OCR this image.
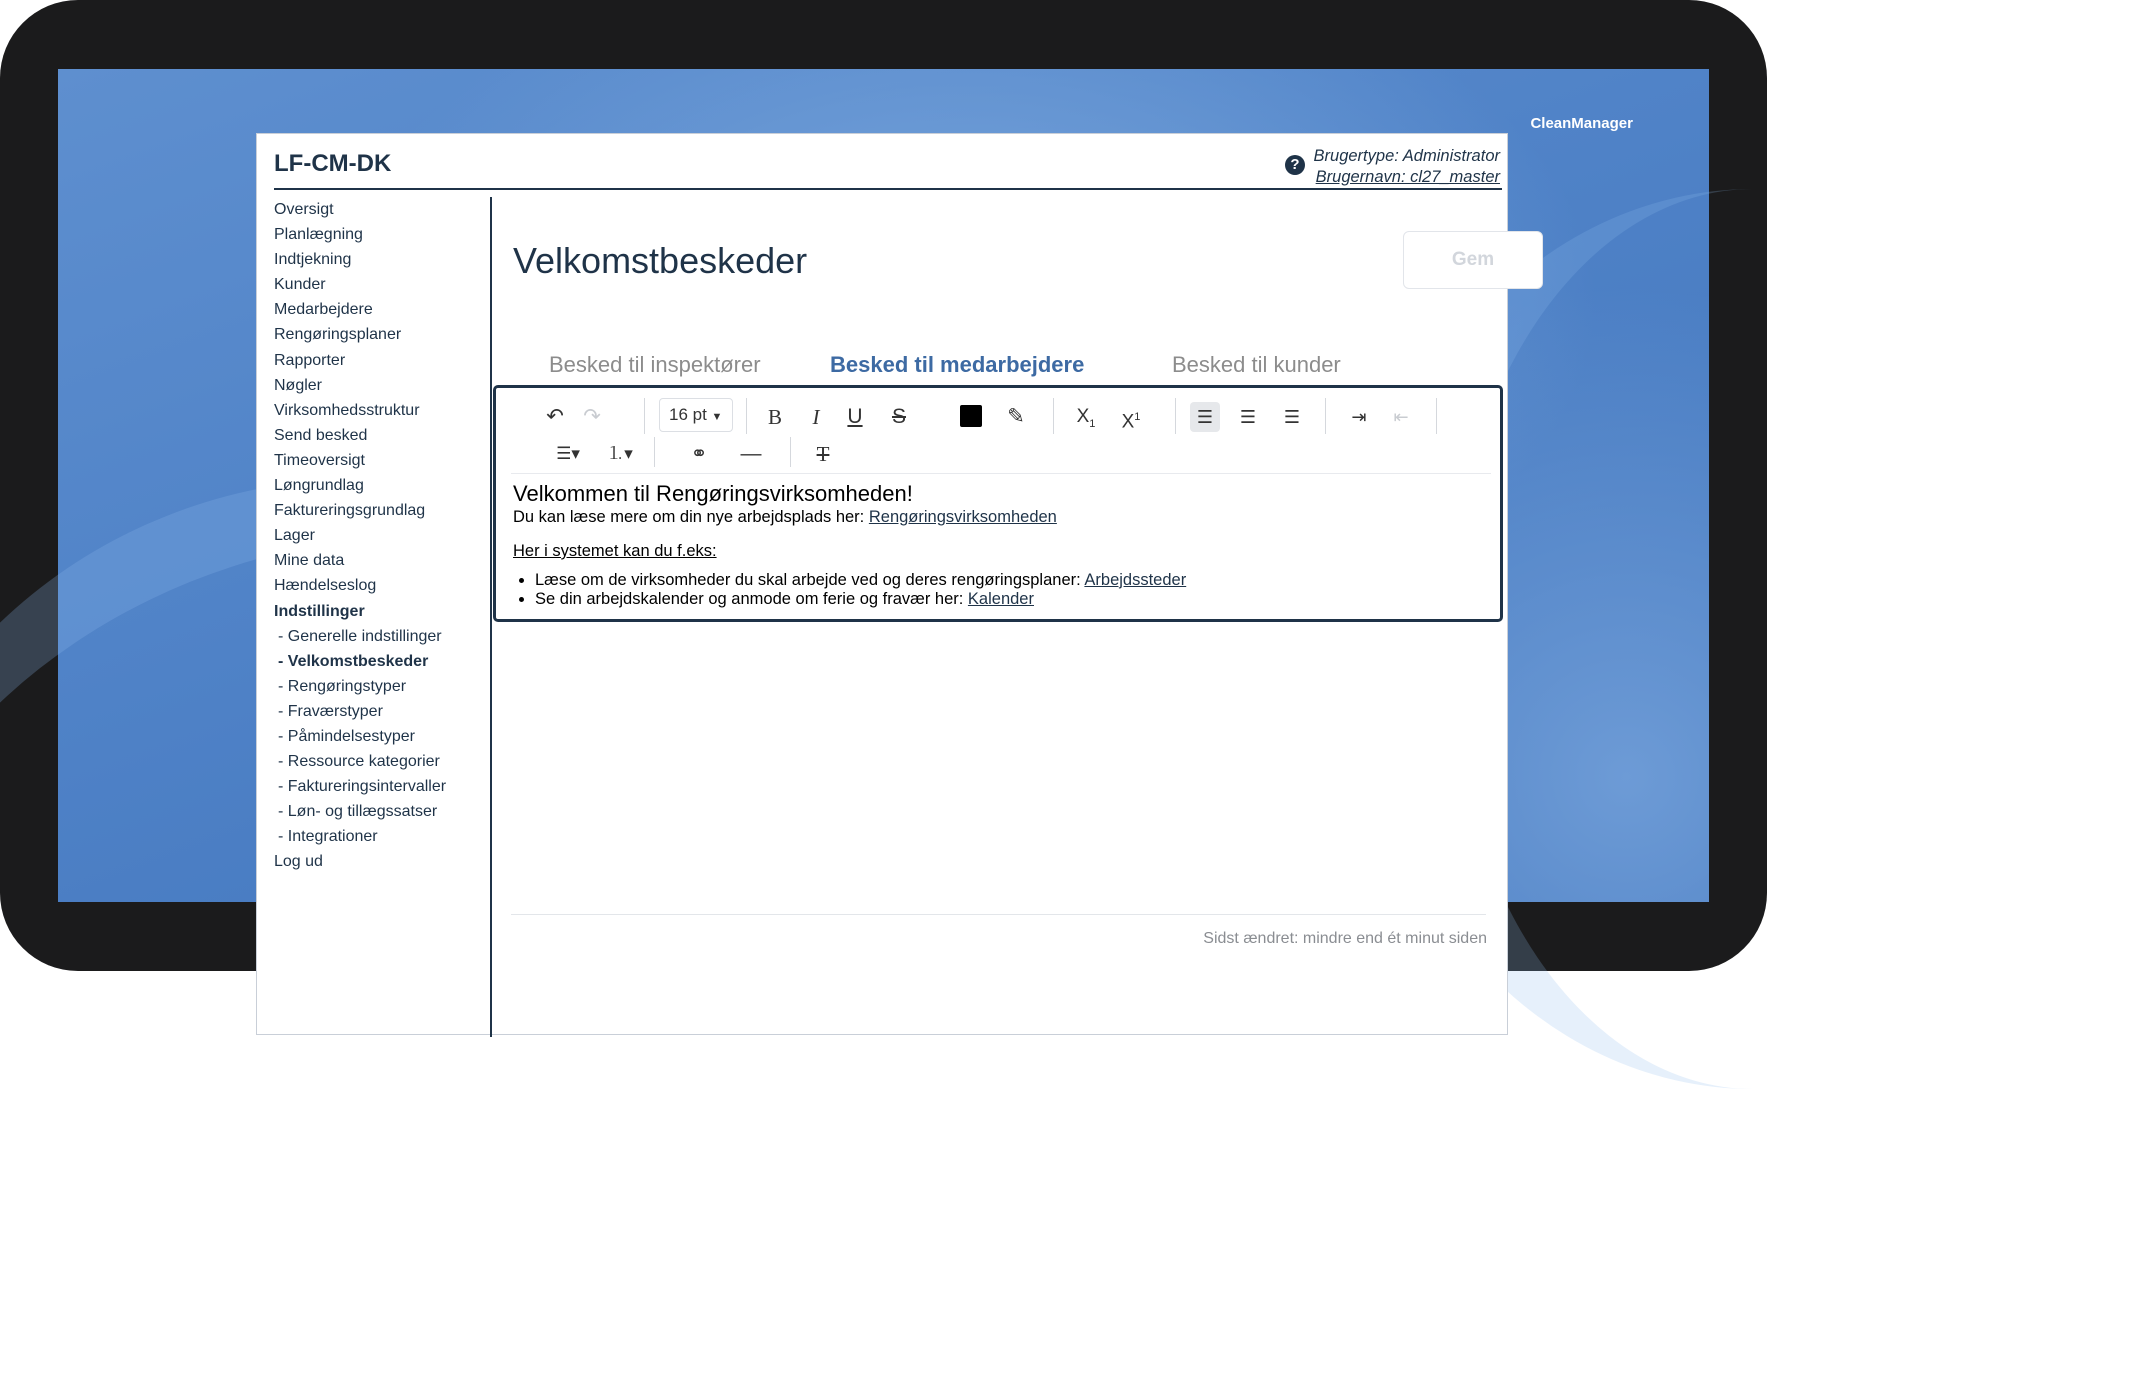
CleanManager
LF-CM-DK	? Brugertype: Administrator
Brugernavn: cl27_master
Oversigt
Planlægning
Indtjekning
Kunder
Medarbejdere
Rengøringsplaner
Rapporter
Nøgler
Virksomhedsstruktur
Send besked
Timeoversigt
Løngrundlag
Faktureringsgrundlag
Lager
Mine data
Hændelseslog
Indstillinger
- Generelle indstillinger
- Velkomstbeskeder
- Rengøringstyper
- Fraværstyper
- Påmindelsestyper
- Ressource kategorier
- Faktureringsintervaller
- Løn- og tillægssatser
- Integrationer
Log ud
Velkomstbeskeder	Gem
Besked til inspektører	Besked til medarbejdere	Besked til kunder
↶ ↷	16 pt ▼	B	I	U	S	✎	$X_1$ $X^1$	☰	☰	☰	⇥	⇤
☰▾	⒈▾	⚭	—	T
Velkommen til Rengøringsvirksomheden!
Du kan læse mere om din nye arbejdsplads her: Rengøringsvirksomheden
Her i systemet kan du f.eks:
• Læse om de virksomheder du skal arbejde ved og deres rengøringsplaner: Arbejdssteder
• Se din arbejdskalender og anmode om ferie og fravær her: Kalender
Sidst ændret: mindre end ét minut siden
